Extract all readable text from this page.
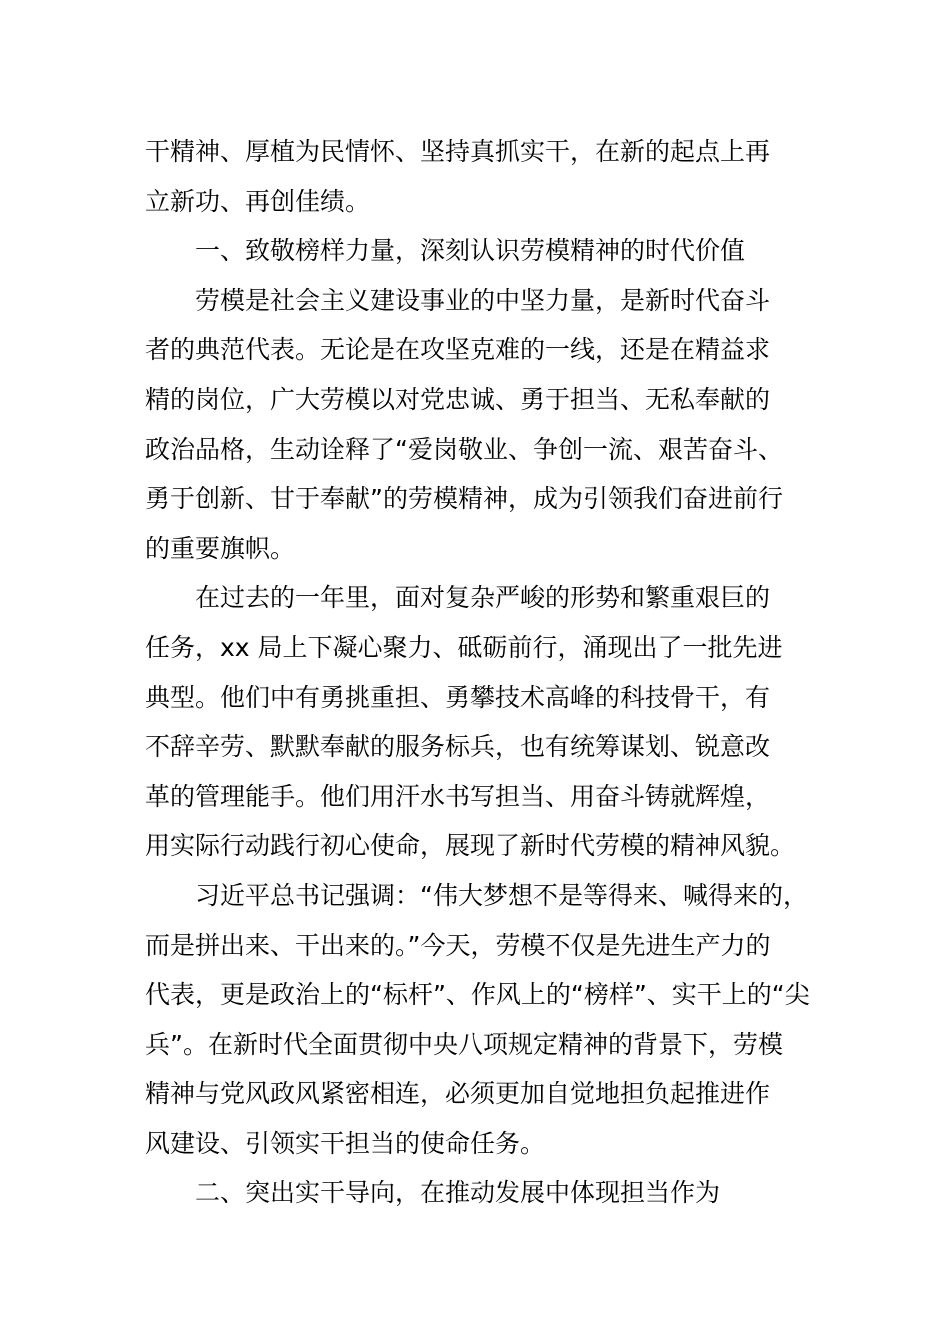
干精神、厚植为民情怀、坚持真抓实干，在新的起点上再
立新功、再创佳绩。

一、致敬榜样力量，深刻认识劳模精神的时代价值

劳模是社会主义建设事业的中坚力量，是新时代奋斗
者的典范代表。无论是在攻坚克难的一线，还是在精益求
精的岗位，广大劳模以对党忠诚、勇于担当、无私奉献的
政治品格，生动诠释了“爱岗敬业、争创一流、艰苦奋斗、
勇于创新、甘于奉献”的劳模精神，成为引领我们奋进前行
的重要旗帜。

在过去的一年里，面对复杂严峻的形势和繁重艰巨的
任务，xx 局上下凝心聚力、砥砺前行，涌现出了一批先进
典型。他们中有勇挑重担、勇攀技术高峰的科技骨干，有
不辞辛劳、默默奉献的服务标兵，也有统筹谋划、锐意改
革的管理能手。他们用汗水书写担当、用奋斗铸就辉煌，
用实际行动践行初心使命，展现了新时代劳模的精神风貌。

习近平总书记强调：“伟大梦想不是等得来、喊得来的，
而是拼出来、干出来的。”今天，劳模不仅是先进生产力的
代表，更是政治上的“标杆”、作风上的“榜样”、实干上的“尖
兵”。在新时代全面贯彻中央八项规定精神的背景下，劳模
精神与党风政风紧密相连，必须更加自觉地担负起推进作
风建设、引领实干担当的使命任务。

二、突出实干导向，在推动发展中体现担当作为
